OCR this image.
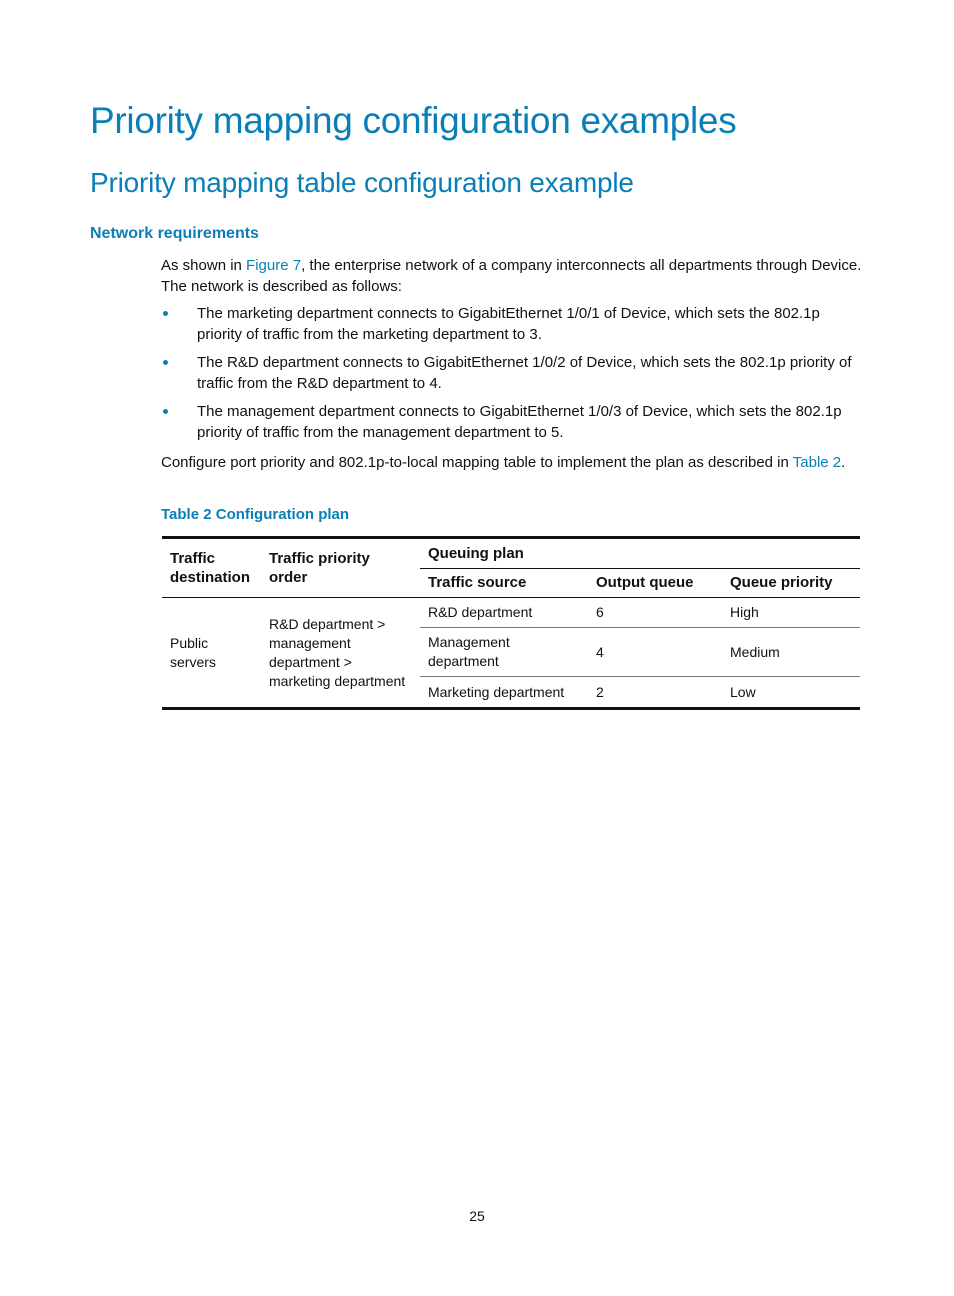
Priority mapping configuration examples
Priority mapping table configuration example
Network requirements

As shown in Figure 7, the enterprise network of a company interconnects all departments through Device. The network is described as follows:

The marketing department connects to GigabitEthernet 1/0/1 of Device, which sets the 802.1p priority of traffic from the marketing department to 3.
The R&D department connects to GigabitEthernet 1/0/2 of Device, which sets the 802.1p priority of traffic from the R&D department to 4.
The management department connects to GigabitEthernet 1/0/3 of Device, which sets the 802.1p priority of traffic from the management department to 5.

Configure port priority and 802.1p-to-local mapping table to implement the plan as described in Table 2.

Table 2 Configuration plan
Traffic destination	Traffic priority order	Queuing plan		
		Traffic source	Output queue	Queue priority
Public servers	R&D department > management department > marketing department	R&D department	6	High
		Management department	4	Medium
		Marketing department	2	Low
25
